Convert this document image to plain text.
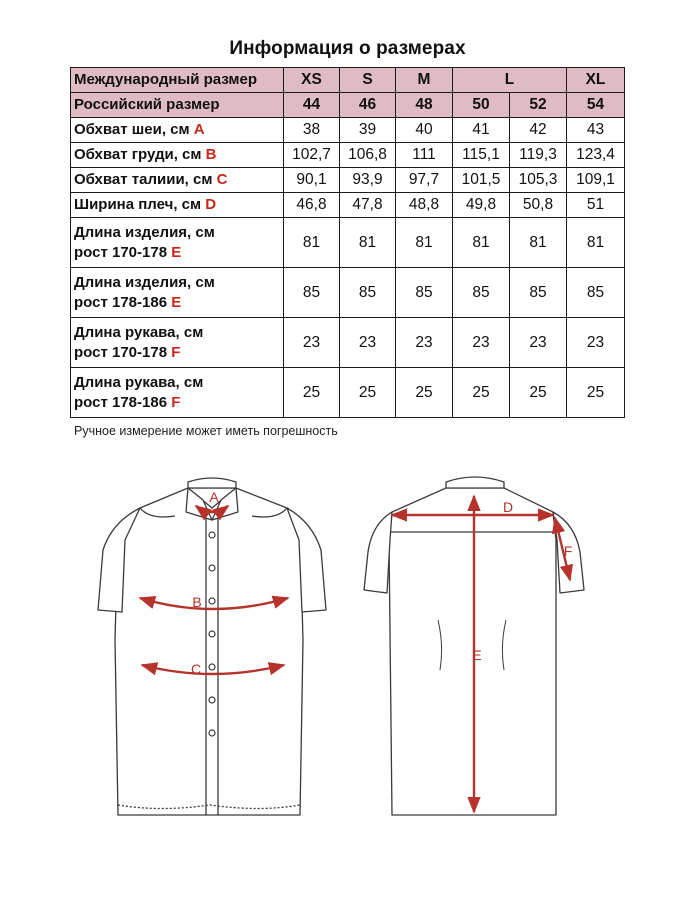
Информация о размерах
Международный размер	XS	S	M	L		XL
Российский размер	44	46	48	50	52	54
Обхват шеи, см A	38	39	40	41	42	43
Обхват груди, см B	102,7	106,8	111	115,1	119,3	123,4
Обхват талиии, см C	90,1	93,9	97,7	101,5	105,3	109,1
Ширина плеч, см D	46,8	47,8	48,8	49,8	50,8	51
Длина изделия, см
рост 170-178 E	81	81	81	81	81	81
Длина изделия, см
рост 178-186 E	85	85	85	85	85	85
Длина рукава, см
рост 170-178 F	23	23	23	23	23	23
Длина рукава, см
рост 178-186 F	25	25	25	25	25	25
Ручное измерение может иметь погрешность
A
B
C
D
E
F
